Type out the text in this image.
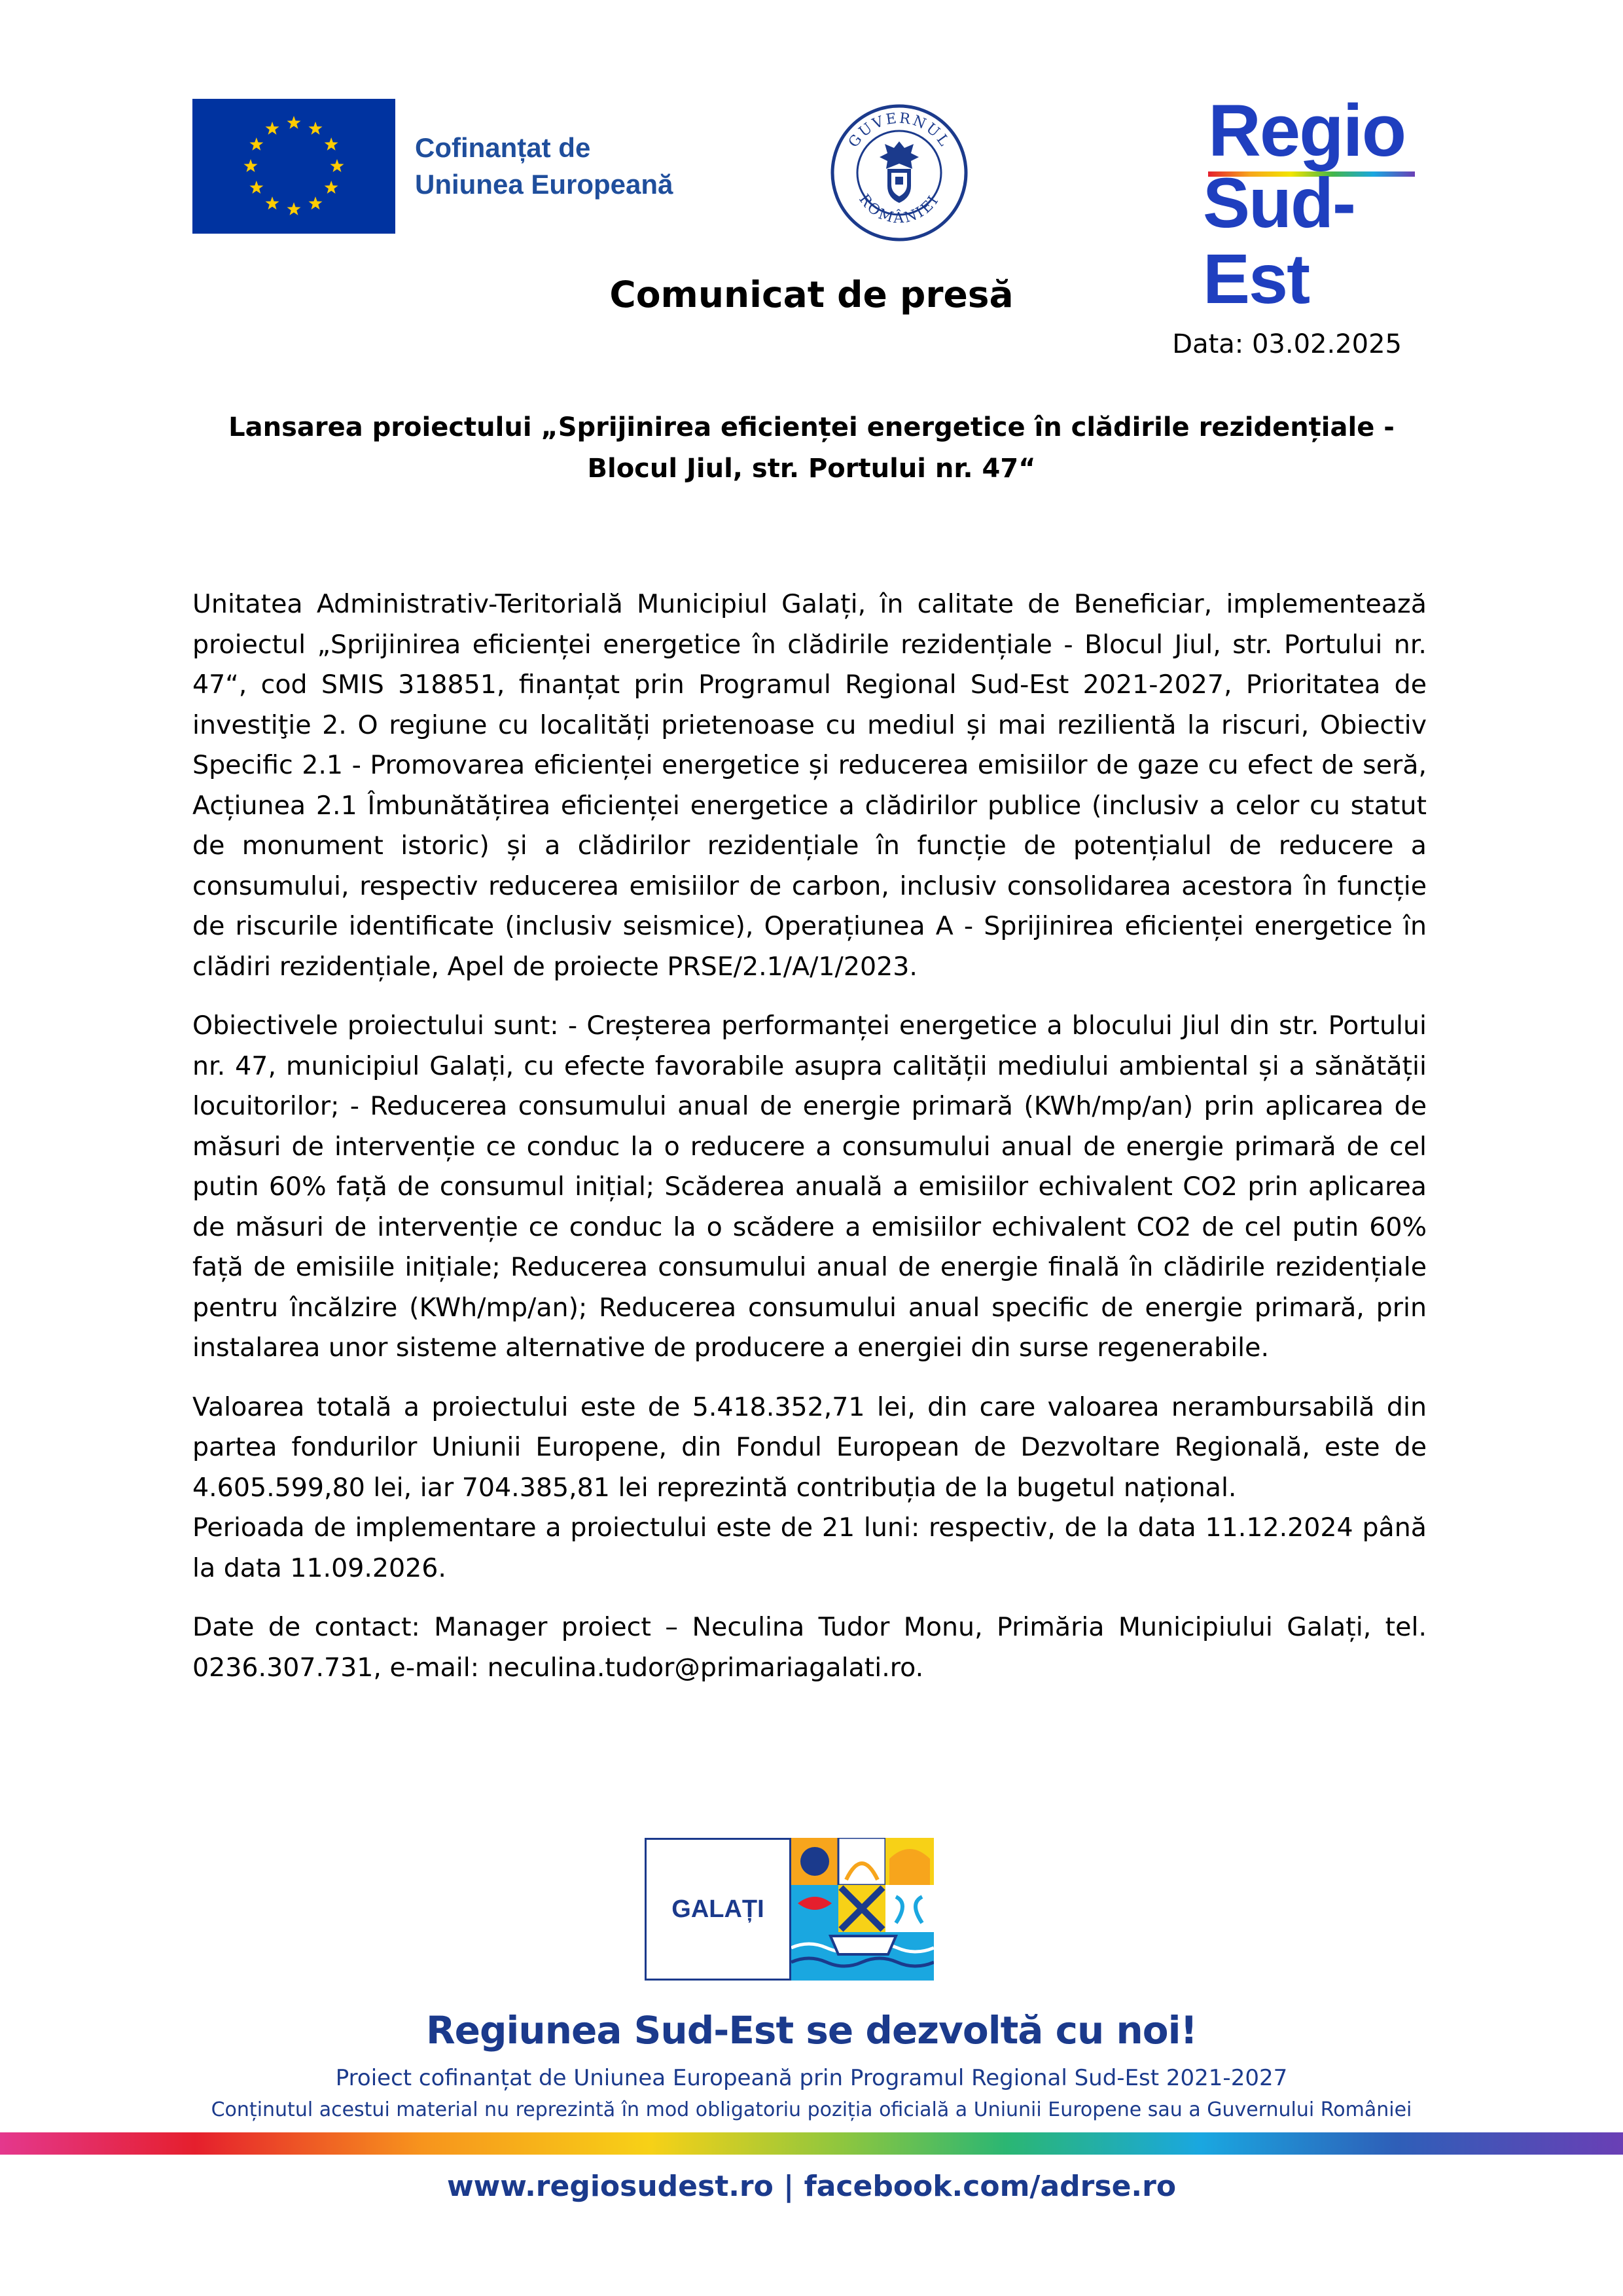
Cofinanțat de
Uniunea Europeană
GUVERNUL
ROMÂNIEI
Regio
Sud-Est
Comunicat de presă
Data: 03.02.2025
Lansarea proiectului „Sprijinirea eficienței energetice în clădirile rezidențiale -
Blocul Jiul, str. Portului nr. 47“

Unitatea Administrativ-Teritorială Municipiul Galați, în calitate de Beneficiar, implementează proiectul „Sprijinirea eficienței energetice în clădirile rezidențiale - Blocul Jiul, str. Portului nr. 47“, cod SMIS 318851, finanțat prin Programul Regional Sud-Est 2021-2027, Prioritatea de investiţie 2. O regiune cu localități prietenoase cu mediul și mai rezilientă la riscuri, Obiectiv Specific 2.1 - Promovarea eficienței energetice și reducerea emisiilor de gaze cu efect de seră, Acțiunea 2.1 Îmbunătățirea eficienței energetice a clădirilor publice (inclusiv a celor cu statut de monument istoric) și a clădirilor rezidențiale în funcție de potențialul de reducere a consumului, respectiv reducerea emisiilor de carbon, inclusiv consolidarea acestora în funcție de riscurile identificate (inclusiv seismice), Operațiunea A - Sprijinirea eficienței energetice în clădiri rezidențiale, Apel de proiecte PRSE/2.1/A/1/2023.

Obiectivele proiectului sunt: - Creșterea performanței energetice a blocului Jiul din str. Portului nr. 47, municipiul Galați, cu efecte favorabile asupra calității mediului ambiental și a sănătății locuitorilor; - Reducerea consumului anual de energie primară (KWh/mp/an) prin aplicarea de măsuri de intervenție ce conduc la o reducere a consumului anual de energie primară de cel putin 60% față de consumul inițial; Scăderea anuală a emisiilor echivalent CO2 prin aplicarea de măsuri de intervenție ce conduc la o scădere a emisiilor echivalent CO2 de cel putin 60% față de emisiile inițiale; Reducerea consumului anual de energie finală în clădirile rezidențiale pentru încălzire (KWh/mp/an); Reducerea consumului anual specific de energie primară, prin instalarea unor sisteme alternative de producere a energiei din surse regenerabile.

Valoarea totală a proiectului este de 5.418.352,71 lei, din care valoarea nerambursabilă din partea fondurilor Uniunii Europene, din Fondul European de Dezvoltare Regională, este de 4.605.599,80 lei, iar 704.385,81 lei reprezintă contribuția de la bugetul național.

Perioada de implementare a proiectului este de 21 luni: respectiv, de la data 11.12.2024 până la data 11.09.2026.

Date de contact: Manager proiect – Neculina Tudor Monu, Primăria Municipiului Galați, tel. 0236.307.731, e-mail: neculina.tudor@primariagalati.ro.

GALAȚI
Regiunea Sud-Est se dezvoltă cu noi!
Proiect cofinanțat de Uniunea Europeană prin Programul Regional Sud-Est 2021-2027
Conținutul acestui material nu reprezintă în mod obligatoriu poziția oficială a Uniunii Europene sau a Guvernului României
www.regiosudest.ro | facebook.com/adrse.ro
